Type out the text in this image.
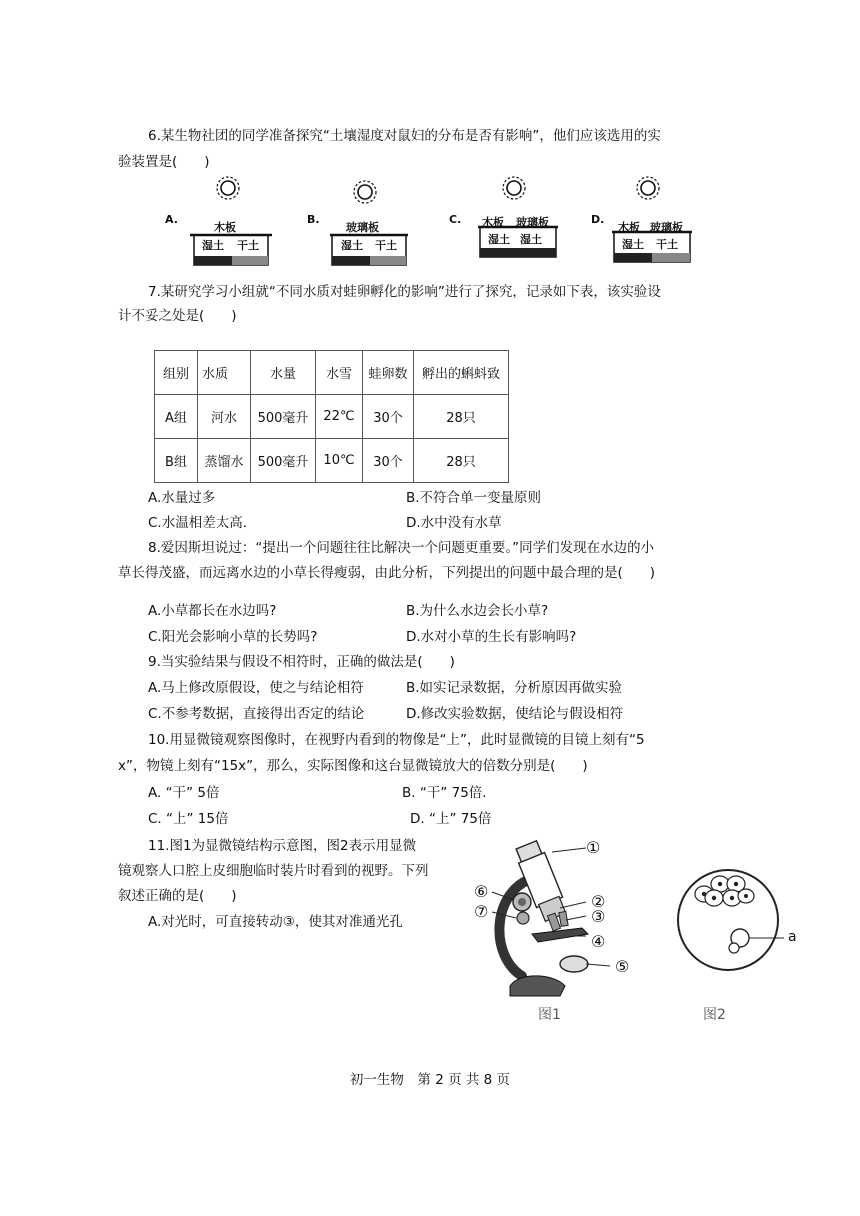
6.某生物社团的同学准备探究“土壤湿度对鼠妇的分布是否有影响”，他们应该选用的实
验装置是(　　)
A.
木板
湿土 干土
B.
玻璃板
湿土 干土
C. 木板 玻璃板
湿土 湿土
D.
木板 玻璃板
湿土 干土
7.某研究学习小组就“不同水质对蛙卵孵化的影响”进行了探究，记录如下表，该实验设
计不妥之处是(　　)
组别	水质	水量	水雪	蛙卵数	孵出的蝌蚪致
A组	河水	500毫升	22℃	30个	28只
B组	蒸馏水	500毫升	10℃	30个	28只
A.水量过多	B.不符合单一变量原则
C.水温相差太高.	D.水中没有水草
8.爱因斯坦说过：“提出一个问题往往比解决一个问题更重要。”同学们发现在水边的小
草长得茂盛，而远离水边的小草长得瘦弱，由此分析，下列提出的问题中最合理的是(　　)
A.小草都长在水边吗?	B.为什么水边会长小草?
C.阳光会影响小草的长势吗?	D.水对小草的生长有影响吗?
9.当实验结果与假设不相符时，正确的做法是(　　)
A.马上修改原假设，使之与结论相符	B.如实记录数据，分析原因再做实验
C.不参考数据，直接得出否定的结论	D.修改实验数据，使结论与假设相符
10.用显微镜观察图像时，在视野内看到的物像是“上”，此时显微镜的目镜上刻有“5
x”，物镜上刻有“15x”，那么，实际图像和这台显微镜放大的倍数分别是(　　)
A. “干” 5倍	B. “干” 75倍.
C. “上” 15倍	D. “上” 75倍
11.图1为显微镜结构示意图，图2表示用显微
镜观察人口腔上皮细胞临时装片时看到的视野。下列
叙述正确的是(　　)
A.对光时，可直接转动③，使其对准通光孔
①
②
③
④
⑤
⑥
⑦
图1
a
图2
初一生物　第 2 页 共 8 页
